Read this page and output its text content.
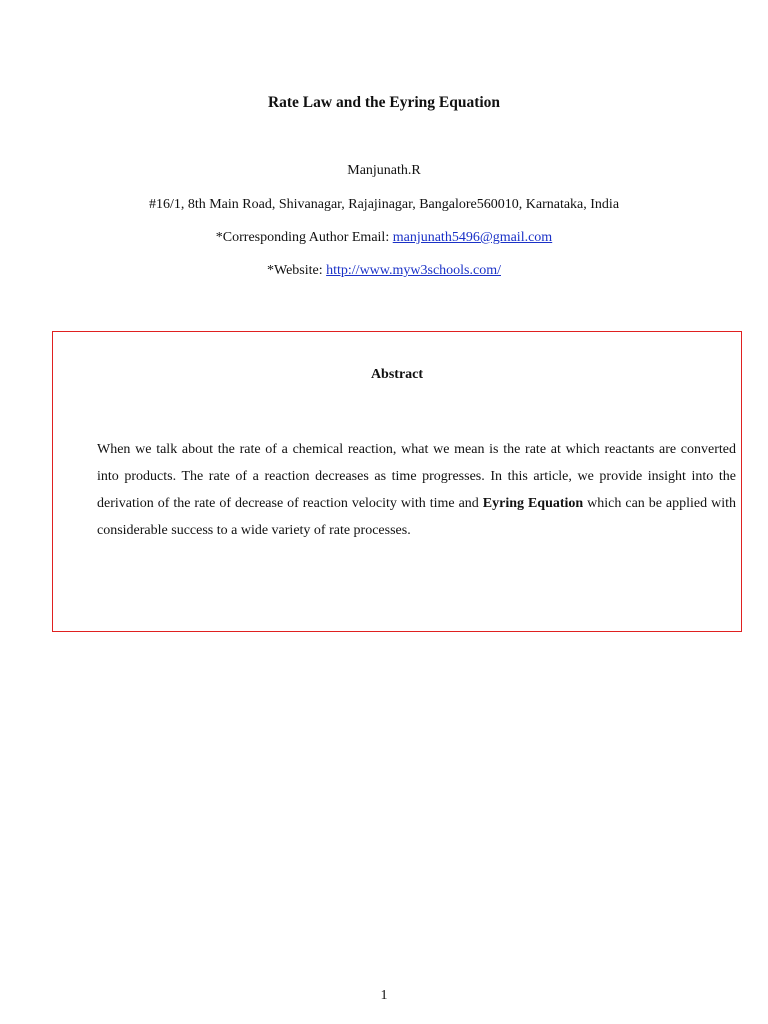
Rate Law and the Eyring Equation
Manjunath.R
#16/1, 8th Main Road, Shivanagar, Rajajinagar, Bangalore560010, Karnataka, India
*Corresponding Author Email: manjunath5496@gmail.com
*Website: http://www.myw3schools.com/
Abstract
When we talk about the rate of a chemical reaction, what we mean is the rate at which reactants are converted into products. The rate of a reaction decreases as time progresses. In this article, we provide insight into the derivation of the rate of decrease of reaction velocity with time and Eyring Equation which can be applied with considerable success to a wide variety of rate processes.
1
